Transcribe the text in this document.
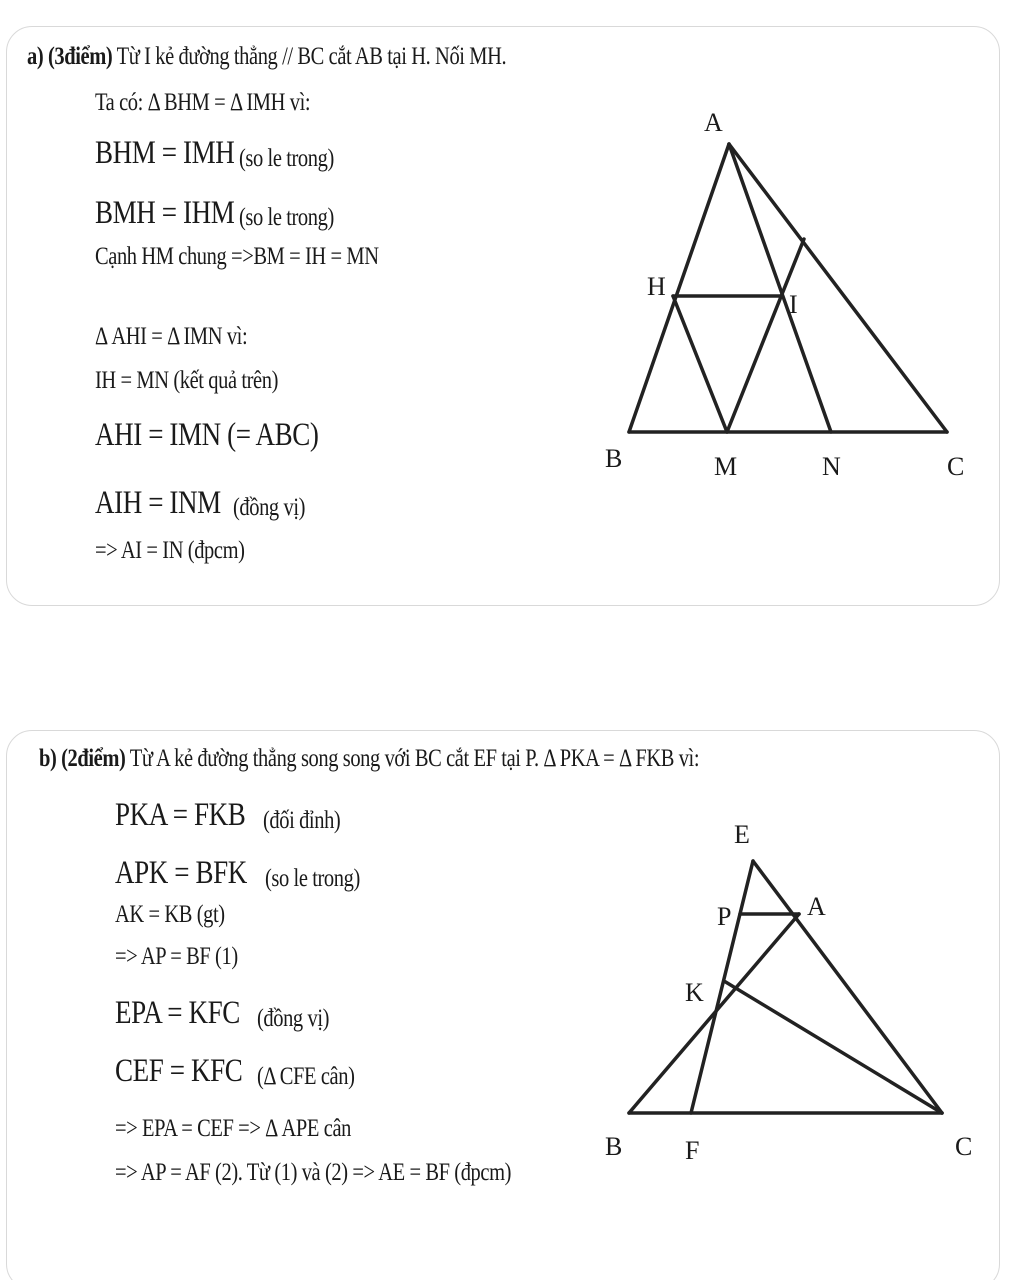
a) (3điểm) Từ I kẻ đường thẳng // BC cắt AB tại H. Nối MH.
Ta có: Δ BHM = Δ IMH vì:
BHM = IMH (so le trong)
BMH = IHM (so le trong)
Cạnh HM chung =>BM = IH = MN
Δ AHI = Δ IMN vì:
IH = MN (kết quả trên)
AHI = IMN (= ABC)
AIH = INM (đồng vị)
=> AI = IN (đpcm)
A
H
I
B	M	N	C
b) (2điểm) Từ A kẻ đường thẳng song song với BC cắt EF tại P. Δ PKA = Δ FKB vì:
PKA = FKB (đối đỉnh)
APK = BFK (so le trong)
AK = KB (gt)
=> AP = BF (1)
EPA = KFC (đồng vị)
CEF = KFC (Δ CFE cân)
=> EPA = CEF => Δ APE cân
=> AP = AF (2). Từ (1) và (2) => AE = BF (đpcm)
E
P	A
K
B F	C
